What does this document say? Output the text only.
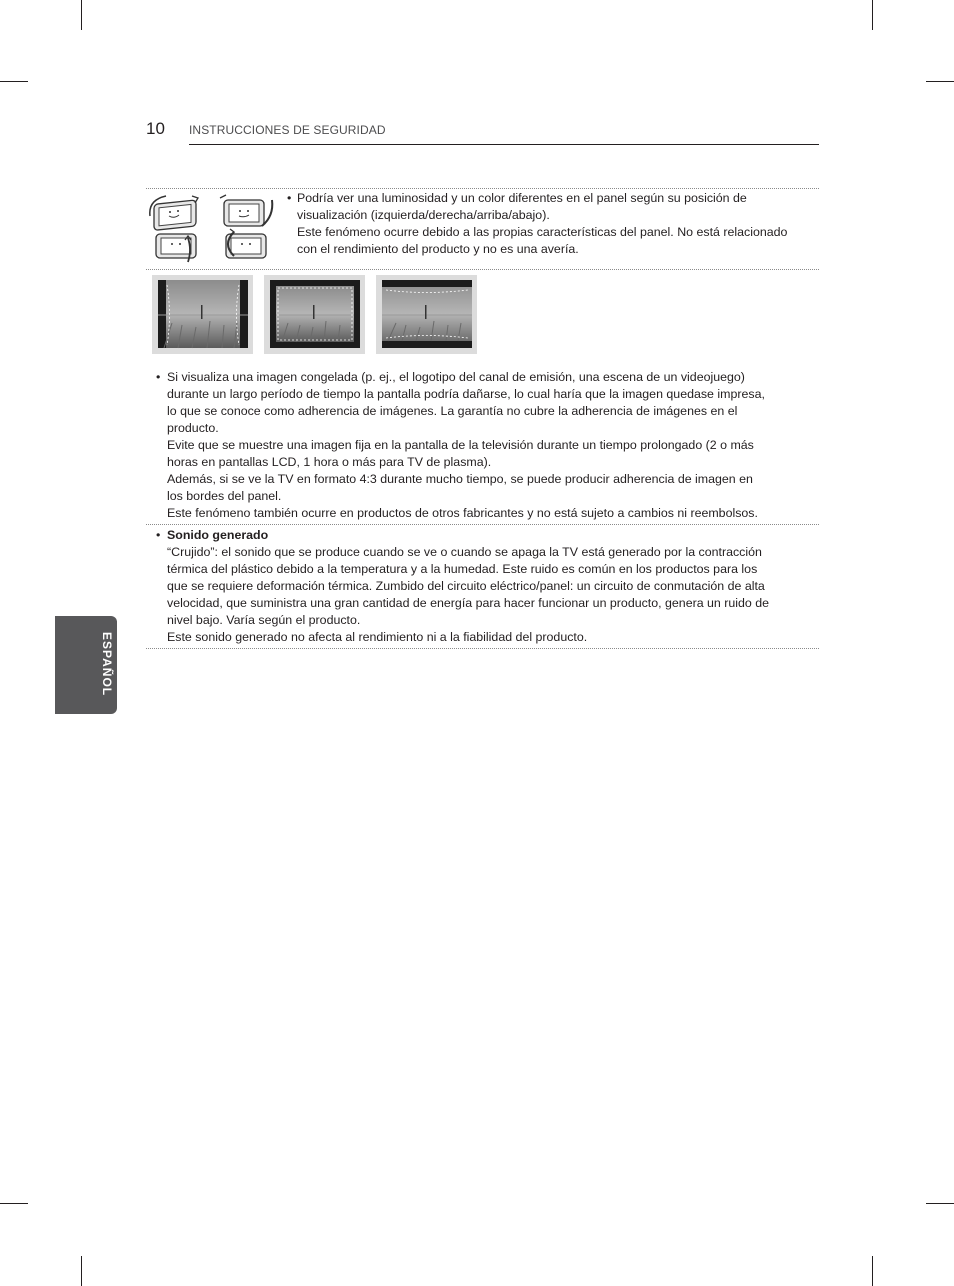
10 INSTRUCCIONES DE SEGURIDAD
• Podría ver una luminosidad y un color diferentes en el panel según su posición de

visualización (izquierda/derecha/arriba/abajo).

Este fenómeno ocurre debido a las propias características del panel. No está relacionado

con el rendimiento del producto y no es una avería.

• Si visualiza una imagen congelada (p. ej., el logotipo del canal de emisión, una escena de un videojuego)

durante un largo período de tiempo la pantalla podría dañarse, lo cual haría que la imagen quedase impresa,

lo que se conoce como adherencia de imágenes. La garantía no cubre la adherencia de imágenes en el

producto.

Evite que se muestre una imagen fija en la pantalla de la televisión durante un tiempo prolongado (2 o más

horas en pantallas LCD, 1 hora o más para TV de plasma).

Además, si se ve la TV en formato 4:3 durante mucho tiempo, se puede producir adherencia de imagen en

los bordes del panel.

Este fenómeno también ocurre en productos de otros fabricantes y no está sujeto a cambios ni reembolsos.

• Sonido generado

“Crujido”: el sonido que se produce cuando se ve o cuando se apaga la TV está generado por la contracción

térmica del plástico debido a la temperatura y a la humedad. Este ruido es común en los productos para los

que se requiere deformación térmica. Zumbido del circuito eléctrico/panel: un circuito de conmutación de alta

velocidad, que suministra una gran cantidad de energía para hacer funcionar un producto, genera un ruido de

nivel bajo. Varía según el producto.

Este sonido generado no afecta al rendimiento ni a la fiabilidad del producto.

ESPAÑOL
